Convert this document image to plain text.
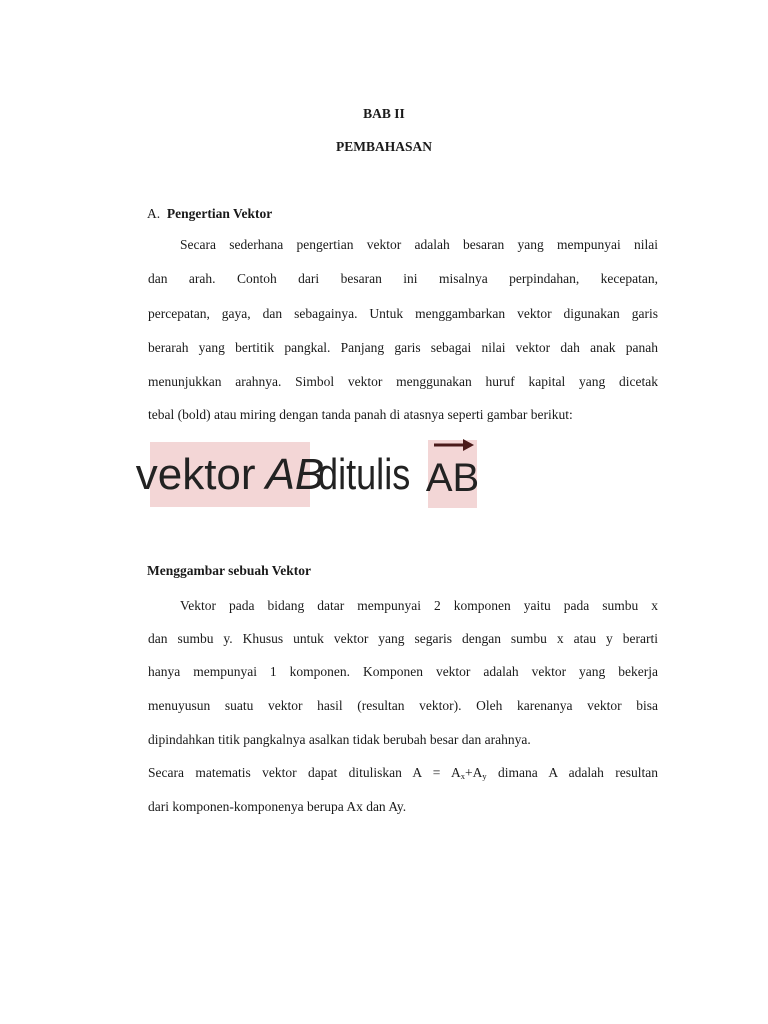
BAB II
PEMBAHASAN
A. Pengertian Vektor
Secara sederhana pengertian vektor adalah besaran yang mempunyai nilai
dan arah. Contoh dari besaran ini misalnya perpindahan, kecepatan,
percepatan, gaya, dan sebagainya. Untuk menggambarkan vektor digunakan garis
berarah yang bertitik pangkal. Panjang garis sebagai nilai vektor dah anak panah
menunjukkan arahnya. Simbol vektor menggunakan huruf kapital yang dicetak
tebal (bold) atau miring dengan tanda panah di atasnya seperti gambar berikut:
vektor AB
ditulis AB
Menggambar sebuah Vektor
Vektor pada bidang datar mempunyai 2 komponen yaitu pada sumbu x
dan sumbu y. Khusus untuk vektor yang segaris dengan sumbu x atau y berarti
hanya mempunyai 1 komponen. Komponen vektor adalah vektor yang bekerja
menuyusun suatu vektor hasil (resultan vektor). Oleh karenanya vektor bisa
dipindahkan titik pangkalnya asalkan tidak berubah besar dan arahnya.
Secara matematis vektor dapat dituliskan $A = A_x+A_y$ dimana A adalah resultan
dari komponen-komponenya berupa Ax dan Ay.
